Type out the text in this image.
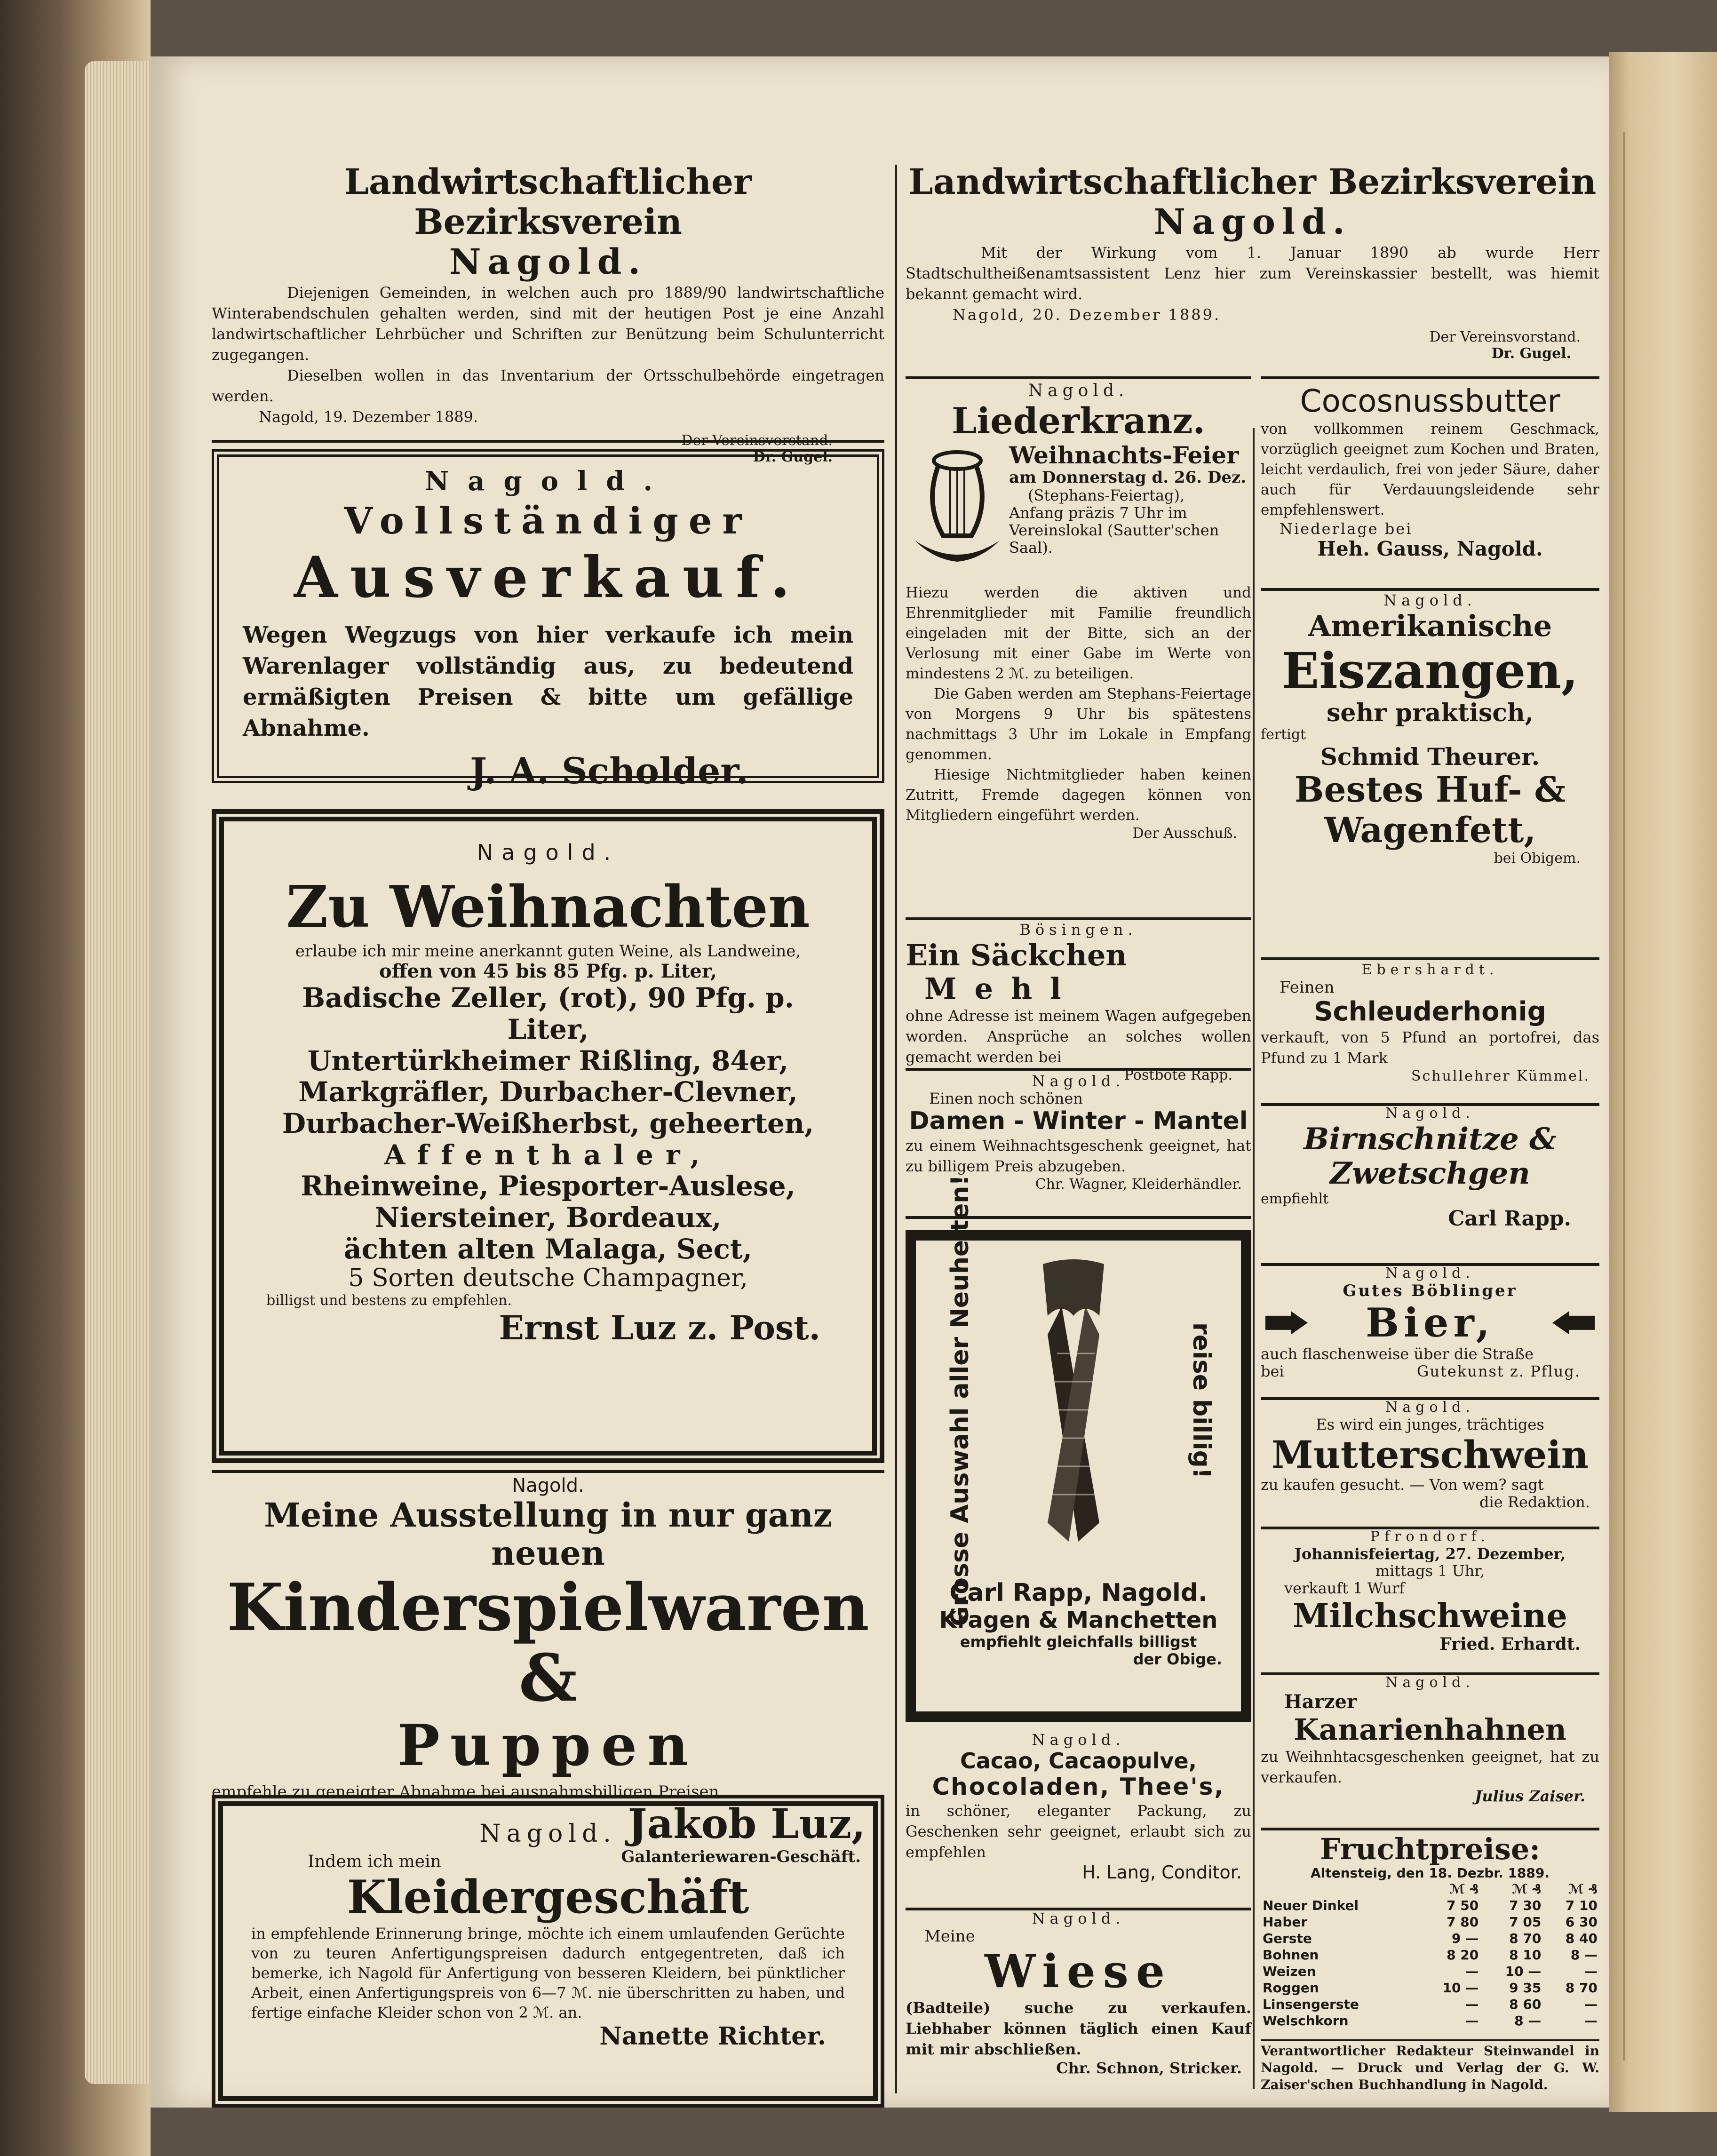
Landwirtschaftlicher Bezirksverein

Nagold.

Diejenigen Gemeinden, in welchen auch pro 1889/90 landwirtschaftliche Winterabendschulen gehalten werden, sind mit der heutigen Post je eine Anzahl landwirtschaftlicher Lehrbücher und Schriften zur Benützung beim Schulunterricht zugegangen.

Dieselben wollen in das Inventarium der Ortsschulbehörde eingetragen werden.

Nagold, 19. Dezember 1889.

Der Vereinsvorstand.

Dr. Gugel.

Nagold.

Vollständiger

Ausverkauf.

Wegen Wegzugs von hier verkaufe ich mein Warenlager vollständig aus, zu bedeutend ermäßigten Preisen & bitte um gefällige Abnahme.

J. A. Scholder.

Nagold.

Zu Weihnachten

erlaube ich mir meine anerkannt guten Weine, als Landweine,

offen von 45 bis 85 Pfg. p. Liter,

Badische Zeller, (rot), 90 Pfg. p. Liter,

Untertürkheimer Rißling, 84er,

Markgräfler, Durbacher-Clevner,

Durbacher-Weißherbst, geheerten,

Affenthaler,

Rheinweine, Piesporter-Auslese,

Niersteiner, Bordeaux,

ächten alten Malaga, Sect,

5 Sorten deutsche Champagner,

billigst und bestens zu empfehlen.

Ernst Luz z. Post.

Nagold.

Meine Ausstellung in nur ganz neuen

Kinderspielwaren &

Puppen

empfehle zu geneigter Abnahme bei ausnahmsbilligen Preisen.

Jakob Luz,

Galanteriewaren-Geschäft.

Nagold.

Indem ich mein

Kleidergeschäft

in empfehlende Erinnerung bringe, möchte ich einem umlaufenden Gerüchte von zu teuren Anfertigungspreisen dadurch entgegentreten, daß ich bemerke, ich Nagold für Anfertigung von besseren Kleidern, bei pünktlicher Arbeit, einen Anfertigungspreis von 6—7 ℳ. nie überschritten zu haben, und fertige einfache Kleider schon von 2 ℳ. an.

Nanette Richter.

Landwirtschaftlicher Bezirksverein

Nagold.

Mit der Wirkung vom 1. Januar 1890 ab wurde Herr Stadtschultheißenamtsassistent Lenz hier zum Vereinskassier bestellt, was hiemit bekannt gemacht wird.

Nagold, 20. Dezember 1889.

Nagold.

Liederkranz.

Weihnachts-Feier

am Donnerstag d. 26. Dez.

(Stephans-Feiertag),

Anfang präzis 7 Uhr im

Vereinslokal (Sautter'schen

Saal).

Hiezu werden die aktiven und Ehrenmitglieder mit Familie freundlich eingeladen mit der Bitte, sich an der Verlosung mit einer Gabe im Werte von mindestens 2 ℳ. zu beteiligen.

Die Gaben werden am Stephans-Feiertage von Morgens 9 Uhr bis spätestens nachmittags 3 Uhr im Lokale in Empfang genommen.

Hiesige Nichtmitglieder haben keinen Zutritt, Fremde dagegen können von Mitgliedern eingeführt werden.

Der Ausschuß.

Bösingen.

Ein Säckchen Mehl

ohne Adresse ist meinem Wagen aufgegeben worden. Ansprüche an solches wollen gemacht werden bei

Postbote Rapp.

Nagold.

Einen noch schönen

Damen - Winter - Mantel

zu einem Weihnachtsgeschenk geeignet, hat zu billigem Preis abzugeben.

Chr. Wagner, Kleiderhändler.

Grosse Auswahl aller Neuheiten!	reise billig!

Carl Rapp, Nagold.

Kragen & Manchetten

empfiehlt gleichfalls billigst

der Obige.

Nagold.

Cacao, Cacaopulve,

Chocoladen, Thee's,

in schöner, eleganter Packung, zu Geschenken sehr geeignet, erlaubt sich zu empfehlen

H. Lang, Conditor.

Nagold.

Meine

Wiese

(Badteile) suche zu verkaufen. Liebhaber können täglich einen Kauf mit mir abschließen.

Chr. Schnon, Stricker.

Der Vereinsvorstand.

Dr. Gugel.

Cocosnussbutter

von vollkommen reinem Geschmack, vorzüglich geeignet zum Kochen und Braten, leicht verdaulich, frei von jeder Säure, daher auch für Verdauungsleidende sehr empfehlenswert.

Niederlage bei

Heh. Gauss, Nagold.

Nagold.

Amerikanische

Eiszangen,

sehr praktisch,

fertigt

Schmid Theurer.

Bestes Huf- &

Wagenfett,

bei Obigem.

Ebershardt.

Feinen

Schleuderhonig

verkauft, von 5 Pfund an portofrei, das Pfund zu 1 Mark

Schullehrer Kümmel.

Nagold.

Birnschnitze &

Zwetschgen

empfiehlt

Carl Rapp.

Nagold.

Gutes Böblinger

Bier,

auch flaschenweise über die Straße

bei	Gutekunst z. Pflug.

Nagold.

Es wird ein junges, trächtiges

Mutterschwein

zu kaufen gesucht. — Von wem? sagt

die Redaktion.

Pfrondorf.

Johannisfeiertag, 27. Dezember,

mittags 1 Uhr,

verkauft 1 Wurf

Milchschweine

Fried. Erhardt.

Nagold.

Harzer

Kanarienhahnen

zu Weihnhtacsgeschenken geeignet, hat zu verkaufen.

Julius Zaiser.

Fruchtpreise:

Altensteig, den 18. Dezbr. 1889.

	ℳ ₰	ℳ ₰	ℳ ₰
Neuer Dinkel	7 50	7 30	7 10
Haber	7 80	7 05	6 30
Gerste	9 —	8 70	8 40
Bohnen	8 20	8 10	8 —
Weizen	—	10 —	—
Roggen	10 —	9 35	8 70
Linsengerste	—	8 60	—
Welschkorn	—	8 —	—

Verantwortlicher Redakteur Steinwandel in Nagold. — Druck und Verlag der G. W. Zaiser'schen Buchhandlung in Nagold.
